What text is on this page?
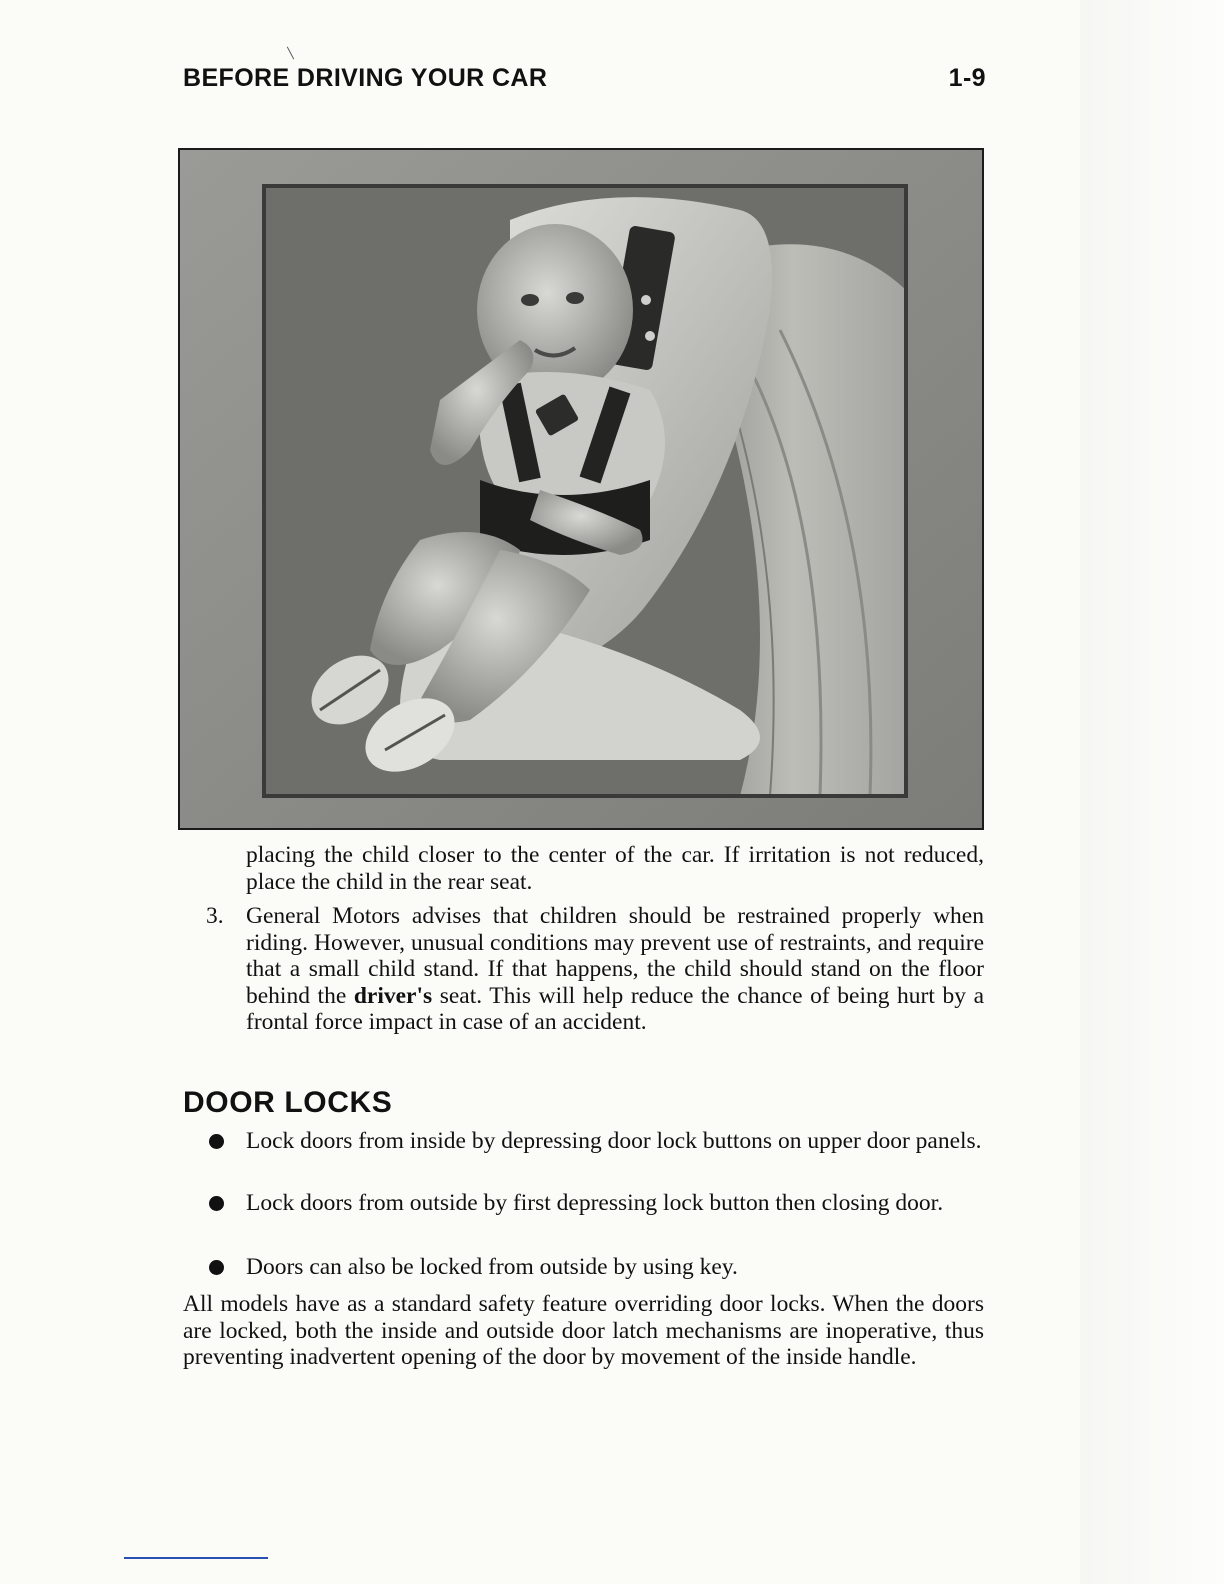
BEFORE DRIVING YOUR CAR	1-9
placing the child closer to the center of the car. If irritation is not reduced, place the child in the rear seat.
3. General Motors advises that children should be restrained properly when riding. However, unusual conditions may prevent use of restraints, and require that a small child stand. If that happens, the child should stand on the floor behind the driver's seat. This will help reduce the chance of being hurt by a frontal force impact in case of an accident.
DOOR LOCKS
Lock doors from inside by depressing door lock buttons on upper door panels.
Lock doors from outside by first depressing lock button then closing door.
Doors can also be locked from outside by using key.
All models have as a standard safety feature overriding door locks. When the doors are locked, both the inside and outside door latch mechanisms are inoperative, thus preventing inadvertent opening of the door by movement of the inside handle.
